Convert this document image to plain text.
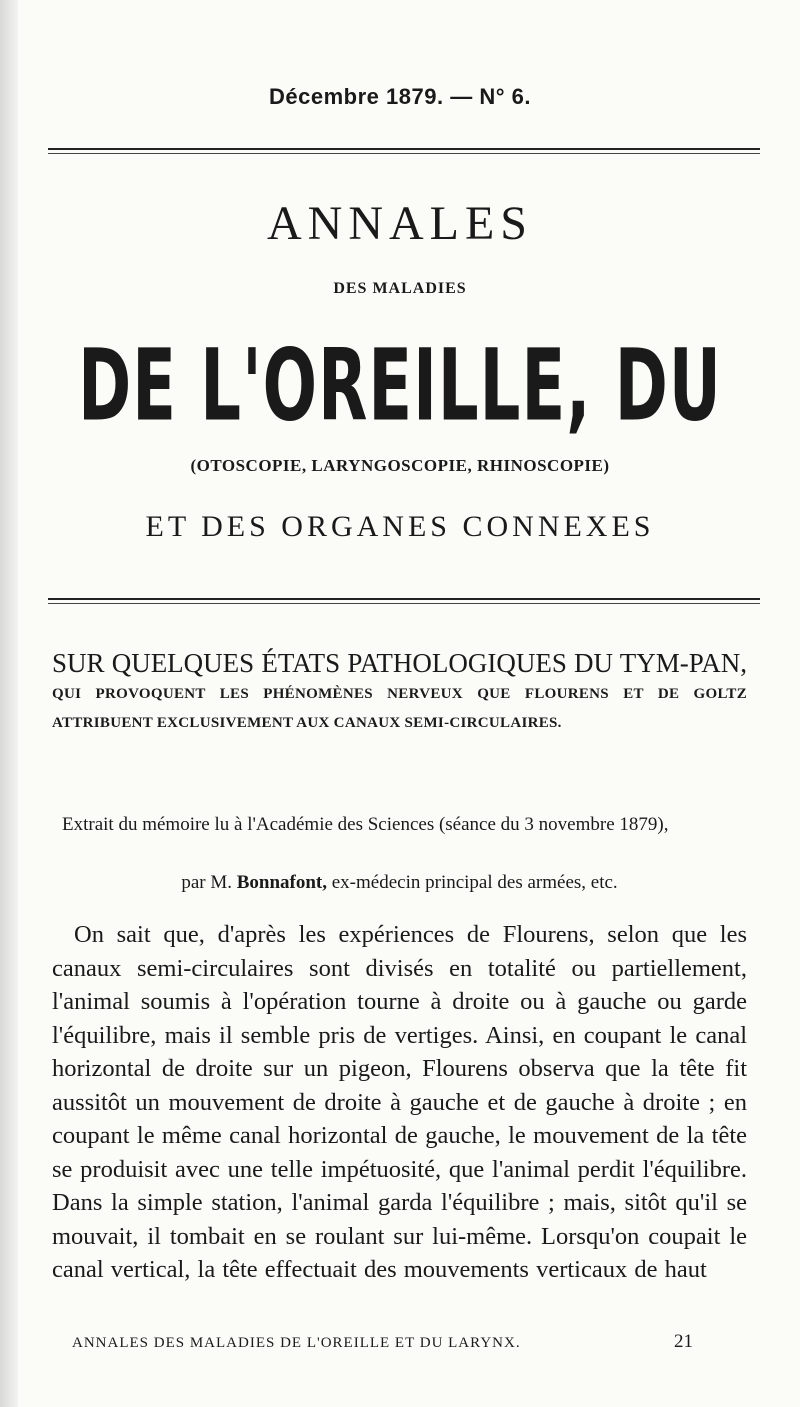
Décembre 1879. — N° 6.
ANNALES
DES MALADIES
DE L'OREILLE, DU
(OTOSCOPIE, LARYNGOSCOPIE, RHINOSCOPIE)
ET DES ORGANES CONNEXES
SUR QUELQUES ÉTATS PATHOLOGIQUES DU TYM-PAN, QUI PROVOQUENT LES PHÉNOMÈNES NERVEUX QUE FLOURENS ET DE GOLTZ ATTRIBUENT EXCLUSIVEMENT AUX CANAUX SEMI-CIRCULAIRES.
Extrait du mémoire lu à l'Académie des Sciences (séance du 3 novembre 1879),
par M. Bonnafont, ex-médecin principal des armées, etc.
On sait que, d'après les expériences de Flourens, selon que les canaux semi-circulaires sont divisés en totalité ou partiellement, l'animal soumis à l'opération tourne à droite ou à gauche ou garde l'équilibre, mais il semble pris de vertiges. Ainsi, en coupant le canal horizontal de droite sur un pigeon, Flourens observa que la tête fit aussitôt un mouvement de droite à gauche et de gauche à droite ; en coupant le même canal horizontal de gauche, le mouvement de la tête se produisit avec une telle impétuosité, que l'animal perdit l'équilibre. Dans la simple station, l'animal garda l'équilibre ; mais, sitôt qu'il se mouvait, il tombait en se roulant sur lui-même. Lorsqu'on coupait le canal vertical, la tête effectuait des mouvements verticaux de haut
ANNALES DES MALADIES DE L'OREILLE ET DU LARYNX.	21
